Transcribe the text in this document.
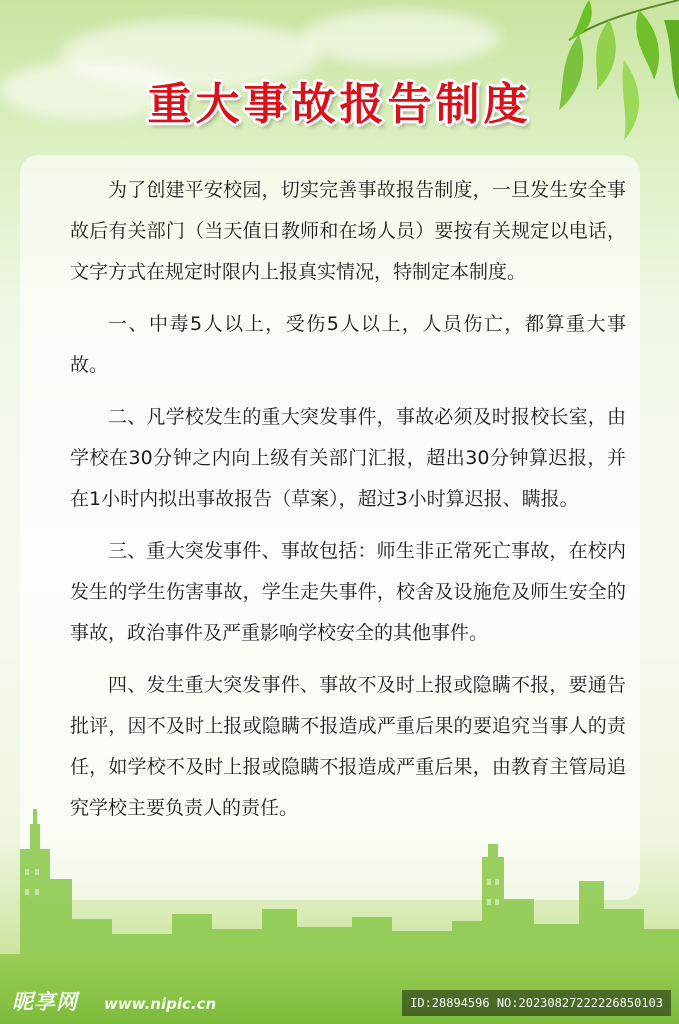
重大事故报告制度

为了创建平安校园，切实完善事故报告制度，一旦发生安全事故后有关部门（当天值日教师和在场人员）要按有关规定以电话，文字方式在规定时限内上报真实情况，特制定本制度。

一、中毒5人以上，受伤5人以上，人员伤亡，都算重大事故。

二、凡学校发生的重大突发事件，事故必须及时报校长室，由学校在30分钟之内向上级有关部门汇报，超出30分钟算迟报，并在1小时内拟出事故报告（草案），超过3小时算迟报、瞒报。

三、重大突发事件、事故包括：师生非正常死亡事故，在校内发生的学生伤害事故，学生走失事件，校舍及设施危及师生安全的事故，政治事件及严重影响学校安全的其他事件。

四、发生重大突发事件、事故不及时上报或隐瞒不报，要通告批评，因不及时上报或隐瞒不报造成严重后果的要追究当事人的责任，如学校不及时上报或隐瞒不报造成严重后果，由教育主管局追究学校主要负责人的责任。

昵享网 www.nipic.cn	ID:28894596 NO:20230827222226850103
